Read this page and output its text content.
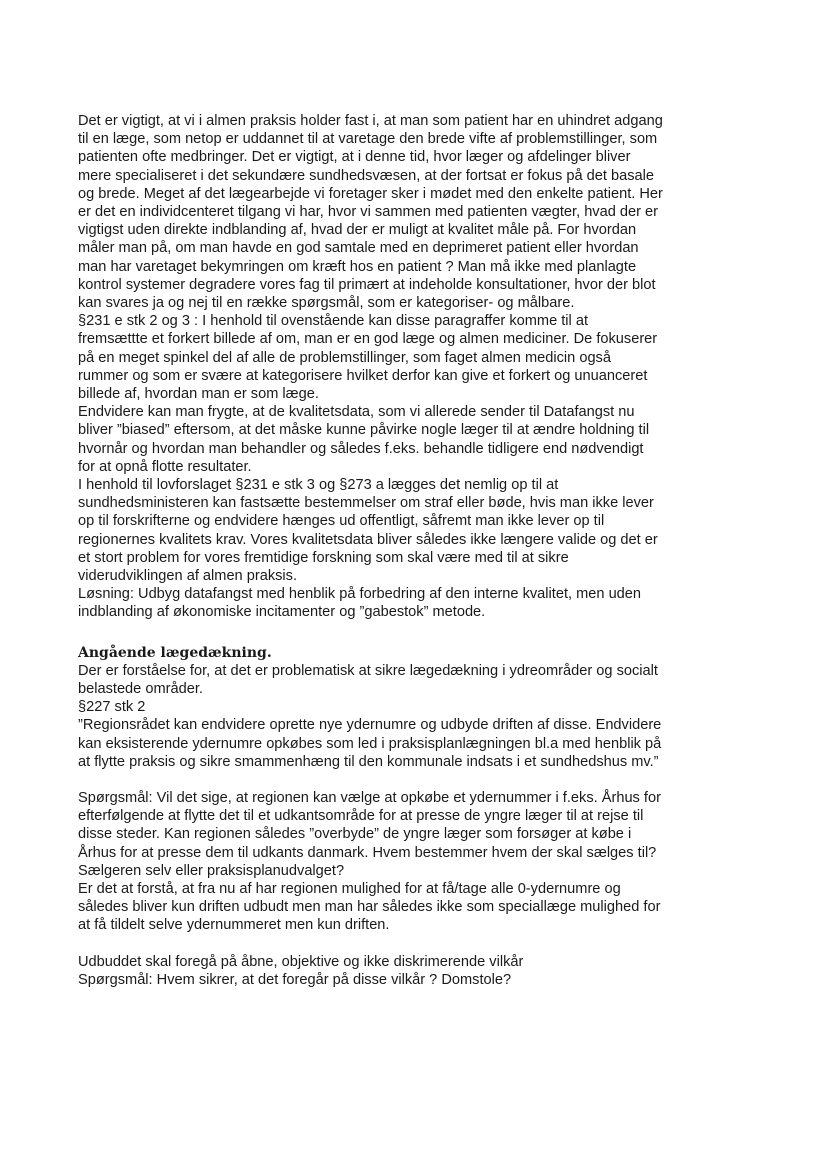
Det er vigtigt, at vi i almen praksis holder fast i, at man som patient har en uhindret adgang
til en læge, som netop er uddannet til at varetage den brede vifte af problemstillinger, som
patienten ofte medbringer. Det er vigtigt, at i denne tid, hvor læger og afdelinger bliver
mere specialiseret i det sekundære sundhedsvæsen, at der fortsat er fokus på det basale
og brede. Meget af det lægearbejde vi foretager sker i mødet med den enkelte patient. Her
er det en individcenteret tilgang vi har, hvor vi sammen med patienten vægter, hvad der er
vigtigst uden direkte indblanding af, hvad der er muligt at kvalitet måle på. For hvordan
måler man på, om man havde en god samtale med en deprimeret patient eller hvordan
man har varetaget bekymringen om kræft hos en patient ? Man må ikke med planlagte
kontrol systemer degradere vores fag til primært at indeholde konsultationer, hvor der blot
kan svares ja og nej til en række spørgsmål, som er kategoriser- og målbare.

§231 e stk 2 og 3 : I henhold til ovenstående kan disse paragraffer komme til at
fremsættte et forkert billede af om, man er en god læge og almen mediciner. De fokuserer
på en meget spinkel del af alle de problemstillinger, som faget almen medicin også
rummer og som er svære at kategorisere hvilket derfor kan give et forkert og unuanceret
billede af, hvordan man er som læge.

Endvidere kan man frygte, at de kvalitetsdata, som vi allerede sender til Datafangst nu
bliver ”biased” eftersom, at det måske kunne påvirke nogle læger til at ændre holdning til
hvornår og hvordan man behandler og således f.eks. behandle tidligere end nødvendigt
for at opnå flotte resultater.

I henhold til lovforslaget §231 e stk 3 og §273 a lægges det nemlig op til at
sundhedsministeren kan fastsætte bestemmelser om straf eller bøde, hvis man ikke lever
op til forskrifterne og endvidere hænges ud offentligt, såfremt man ikke lever op til
regionernes kvalitets krav. Vores kvalitetsdata bliver således ikke længere valide og det er
et stort problem for vores fremtidige forskning som skal være med til at sikre
viderudviklingen af almen praksis.

Løsning: Udbyg datafangst med henblik på forbedring af den interne kvalitet, men uden
indblanding af økonomiske incitamenter og ”gabestok” metode.

Angående lægedækning.

Der er forståelse for, at det er problematisk at sikre lægedækning i ydreområder og socialt
belastede områder.
§227 stk 2
”Regionsrådet kan endvidere oprette nye ydernumre og udbyde driften af disse. Endvidere
kan eksisterende ydernumre opkøbes som led i praksisplanlægningen bl.a med henblik på
at flytte praksis og sikre smammenhæng til den kommunale indsats i et sundhedshus mv.”

Spørgsmål: Vil det sige, at regionen kan vælge at opkøbe et ydernummer i f.eks. Århus for
efterfølgende at flytte det til et udkantsområde for at presse de yngre læger til at rejse til
disse steder. Kan regionen således ”overbyde” de yngre læger som forsøger at købe i
Århus for at presse dem til udkants danmark. Hvem bestemmer hvem der skal sælges til?
Sælgeren selv eller praksisplanudvalget?
Er det at forstå, at fra nu af har regionen mulighed for at få/tage alle 0-ydernumre og
således bliver kun driften udbudt men man har således ikke som speciallæge mulighed for
at få tildelt selve ydernummeret men kun driften.

Udbuddet skal foregå på åbne, objektive og ikke diskrimerende vilkår
Spørgsmål: Hvem sikrer, at det foregår på disse vilkår ? Domstole?
